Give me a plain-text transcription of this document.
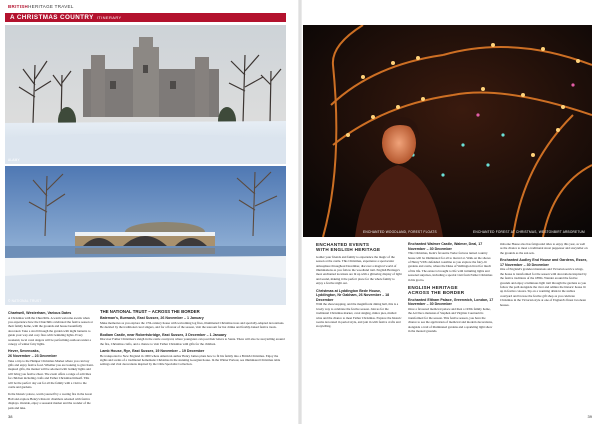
BRITISHHERITAGE TRAVEL
A CHRISTMAS COUNTRY ITINERARY
ALAMY
© NATIONAL TRUST
Chartwell, Westerham, Various Dates

A Christmas with the Churchills. A warm welcome awaits when you experience how the Churchills celebrated the festive season at their family home, with the grounds and house beautifully decorated. Take a stroll through the garden with night lanterns to guide your way and cosy fires with twinkling lights. Every weekend, local carol singers will be performing outdoors under a canopy of winter fairy lights.

Hever, Sevenoaks,
26 November – 23 December

Take a trip to the Hamper Christmas Market where you can buy gifts and enjoy festive food. Whether you are looking to give Kent-inspired gifts, the market will be adorned with twinkly lights and will bring you festive cheer. The event offers a range of activities for children including crafts and Father Christmas himself. This will be the perfect day out for all the family with a visit to the castle and gardens.

In the historic palace, warm yourself by a roaring fire in the Great Hall and explore Henry's historic chambers adorned with festive displays. Outside, enjoy a seasonal market and the wonder of the park and lake.

THE NATIONAL TRUST – ACROSS THE BORDER
Bateman's, Burwash, East Sussex, 26 November – 1 January

Make memories as you explore the 17th-century house with welcoming log fires, illuminated Christmas trees and specially-adapted decorations. Be dazzled by the traditional carol singers, and for a flavour of the season, visit the tearoom for hot drinks and freshly-baked festive treats.

Bodiam Castle, near Robertsbridge, East Sussex, 3 December – 1 January

Discover Father Christmas's sleigh in the castle courtyard, where youngsters can post their letters to Santa. There will also be storytelling around the fire, Christmas crafts, and a chance to visit Father Christmas with gifts for the children.

Lamb House, Rye, East Sussex, 19 November – 19 December

Be transported to New England in 1900 where American author Henry James plans how to fit his family into a British Christmas. Enjoy the sights and scents of a traditional homemade Christmas in the stunning Georgian house. In the Winter Parlour, see illuminated Christmas table settings and visit decorations inspired by the Chile Specialist Collection.

38
ENCHANTED WOODLAND, FOREST FLOATS	ENCHANTED FOREST AT CHRISTMAS, WESTONBIRT ARBORETUM
ENCHANTED EVENTS
WITH ENGLISH HERITAGE

Gather your friends and family to experience the magic of the season at the castle. This Christmas, experience a spectacular atmosphere throughout December, discover a magical world of illuminations as you follow the woodland trail. English Heritage's most enchanted locations are lit up with a glittering display of light and sound, making it the perfect place for the whole family to enjoy a festive night out.

Christmas at Lyddington Bede House, Lyddington, Nr Oakham, 26 November – 18 December

With the showstopping, and the magnificent dining hall, this is a lovely way to celebrate the festive season. Join us for the traditional Christmas market, carol singing, mince pies, mulled wine and the chance to meet Father Christmas. Explore the historic rooms decorated in period style, and join in with festive crafts and storytelling.

Enchanted Walmer Castle, Walmer, Deal, 17 November – 30 December

This Christmas, Kent's favourite Tudor fortress turned country house will be illuminated for all to marvel at. Walk on the shores of Henry VIII's defended coastline as you explore the fairy-lit gardens and castle, where the Duke of Wellington lived for much of his life. The estate is brought to life with twinkling lights and seasonal surprises, including a special visit from Father Christmas in his grotto.

ENGLISH HERITAGE
ACROSS THE BORDER
Enchanted Eltham Palace, Greenwich, London, 17 November – 30 December

Once a favoured medieval palace and then a 1930s family home, the Art Deco mansion of Stephen and Virginia Courtauld is transformed for the season. This festive season, you have the chance to see the application of medieval and modern decorations, alongside a trail of illuminated gardens and a sparkling light show in the moated grounds.

Osborne House also has fairground rides to enjoy this year, as well as the chance to meet a traditional street puppeteer and storyteller on the grounds as the sun sets.

Enchanted Audley End House and Gardens, Essex, 17 November – 30 December

One of England's grandest mansions and Victorian service wings, the house is transformed for the season with decorations inspired by the festive traditions of the 1880s. Wander around the festive grounds and enjoy a luminous light trail through the gardens as you follow the path alongside the river and admire the historic house lit up in festive colours. Sip on a warming drink in the stables courtyard and browse the festive gift shop as you celebrate Christmas in the Victorian style at one of England's finest Jacobean houses.

39
